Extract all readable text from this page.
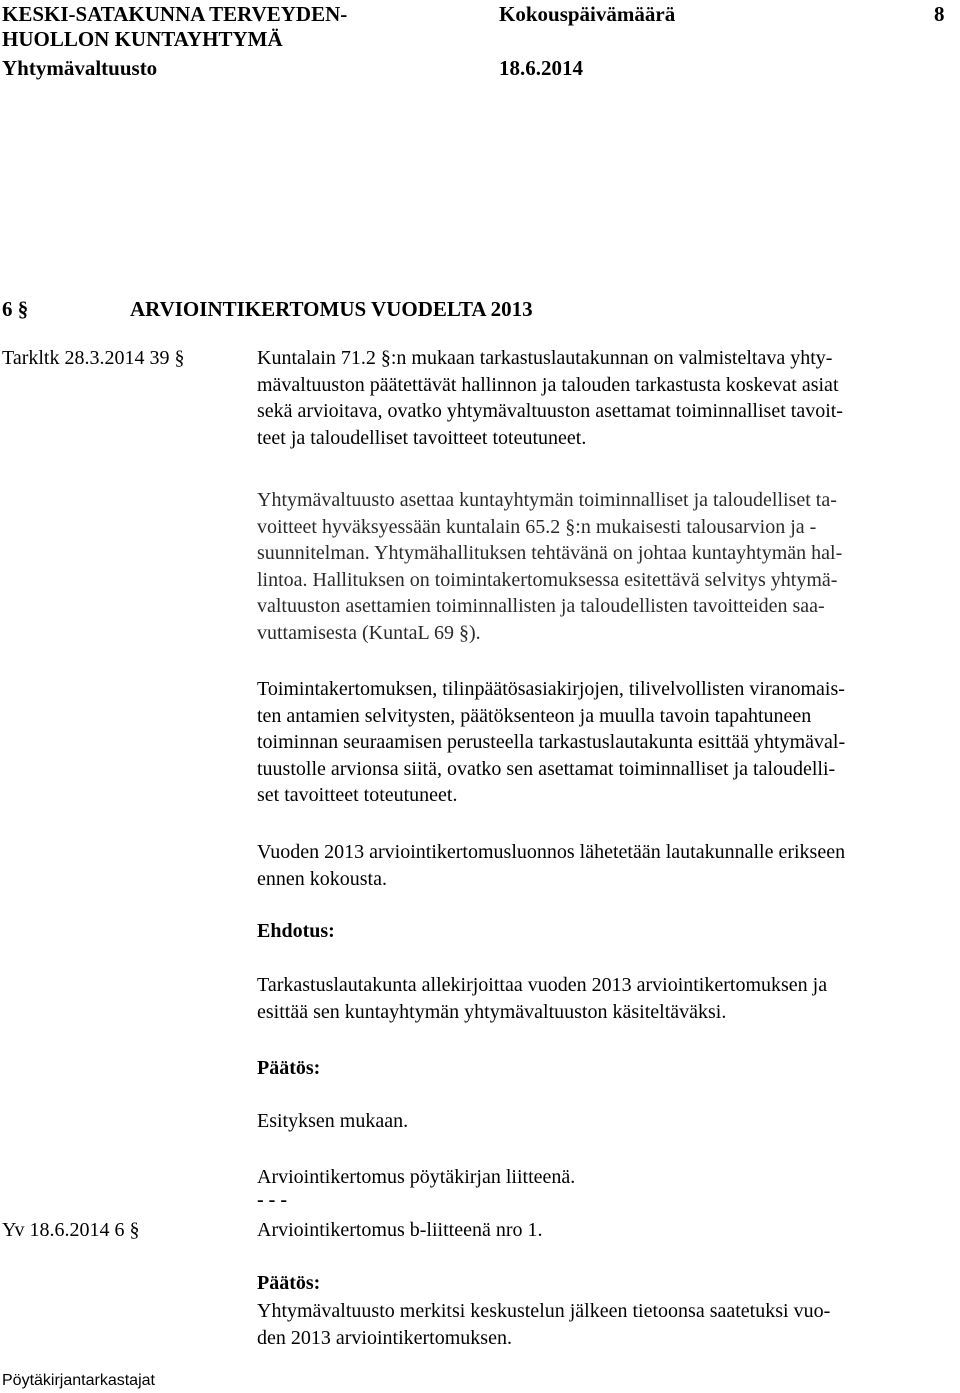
KESKI-SATAKUNNA TERVEYDEN-
HUOLLON KUNTAYHTYMÄ
Yhtymävaltuusto
Kokouspäivämäärä
18.6.2014
8
6 §	ARVIOINTIKERTOMUS VUODELTA 2013
Tarkltk 28.3.2014 39 §	Kuntalain 71.2 §:n mukaan tarkastuslautakunnan on valmisteltava yhty-
mävaltuuston päätettävät hallinnon ja talouden tarkastusta koskevat asiat
sekä arvioitava, ovatko yhtymävaltuuston asettamat toiminnalliset tavoit-
teet ja taloudelliset tavoitteet toteutuneet.

Yhtymävaltuusto asettaa kuntayhtymän toiminnalliset ja taloudelliset ta-
voitteet hyväksyessään kuntalain 65.2 §:n mukaisesti talousarvion ja -
suunnitelman. Yhtymähallituksen tehtävänä on johtaa kuntayhtymän hal-
lintoa. Hallituksen on toimintakertomuksessa esitettävä selvitys yhtymä-
valtuuston asettamien toiminnallisten ja taloudellisten tavoitteiden saa-
vuttamisesta (KuntaL 69 §).

Toimintakertomuksen, tilinpäätösasiakirjojen, tilivelvollisten viranomais-
ten antamien selvitysten, päätöksenteon ja muulla tavoin tapahtuneen
toiminnan seuraamisen perusteella tarkastuslautakunta esittää yhtymäval-
tuustolle arvionsa siitä, ovatko sen asettamat toiminnalliset ja taloudelli-
set tavoitteet toteutuneet.

Vuoden 2013 arviointikertomusluonnos lähetetään lautakunnalle erikseen
ennen kokousta.

Ehdotus:

Tarkastuslautakunta allekirjoittaa vuoden 2013 arviointikertomuksen ja
esittää sen kuntayhtymän yhtymävaltuuston käsiteltäväksi.

Päätös:
Esityksen mukaan.
Arviointikertomus pöytäkirjan liitteenä.
- - -
Yv 18.6.2014 6 §	Arviointikertomus b-liitteenä nro 1.
Päätös:

Yhtymävaltuusto merkitsi keskustelun jälkeen tietoonsa saatetuksi vuo-
den 2013 arviointikertomuksen.

Pöytäkirjantarkastajat
